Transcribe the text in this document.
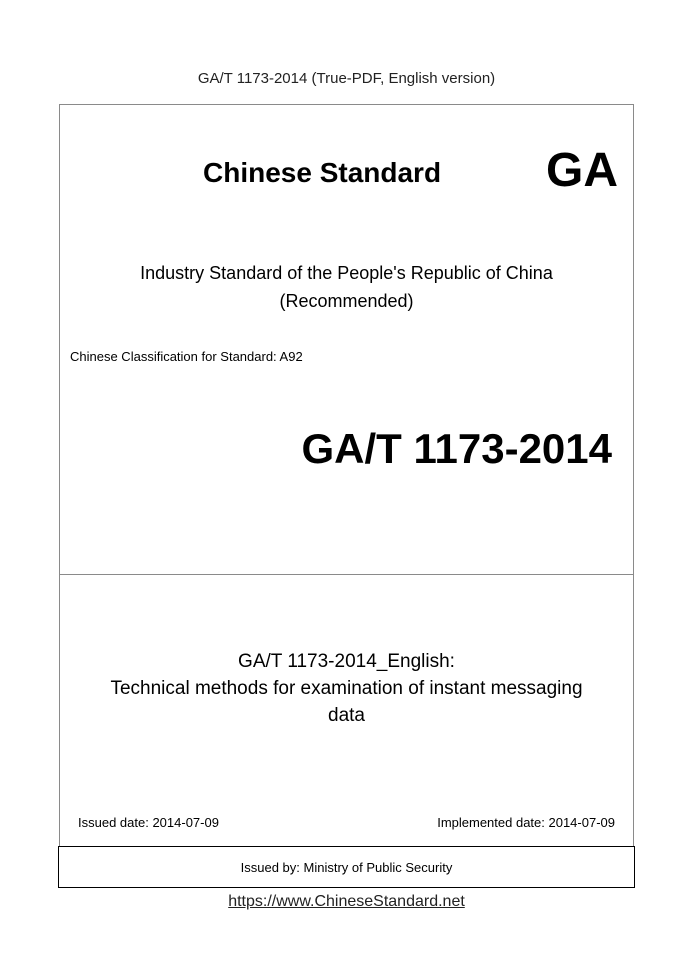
GA/T 1173-2014 (True-PDF, English version)
Chinese Standard GA
Industry Standard of the People's Republic of China
(Recommended)
Chinese Classification for Standard: A92
GA/T 1173-2014
GA/T 1173-2014_English:
Technical methods for examination of instant messaging
data
Issued date: 2014-07-09	Implemented date: 2014-07-09
Issued by: Ministry of Public Security
https://www.ChineseStandard.net
